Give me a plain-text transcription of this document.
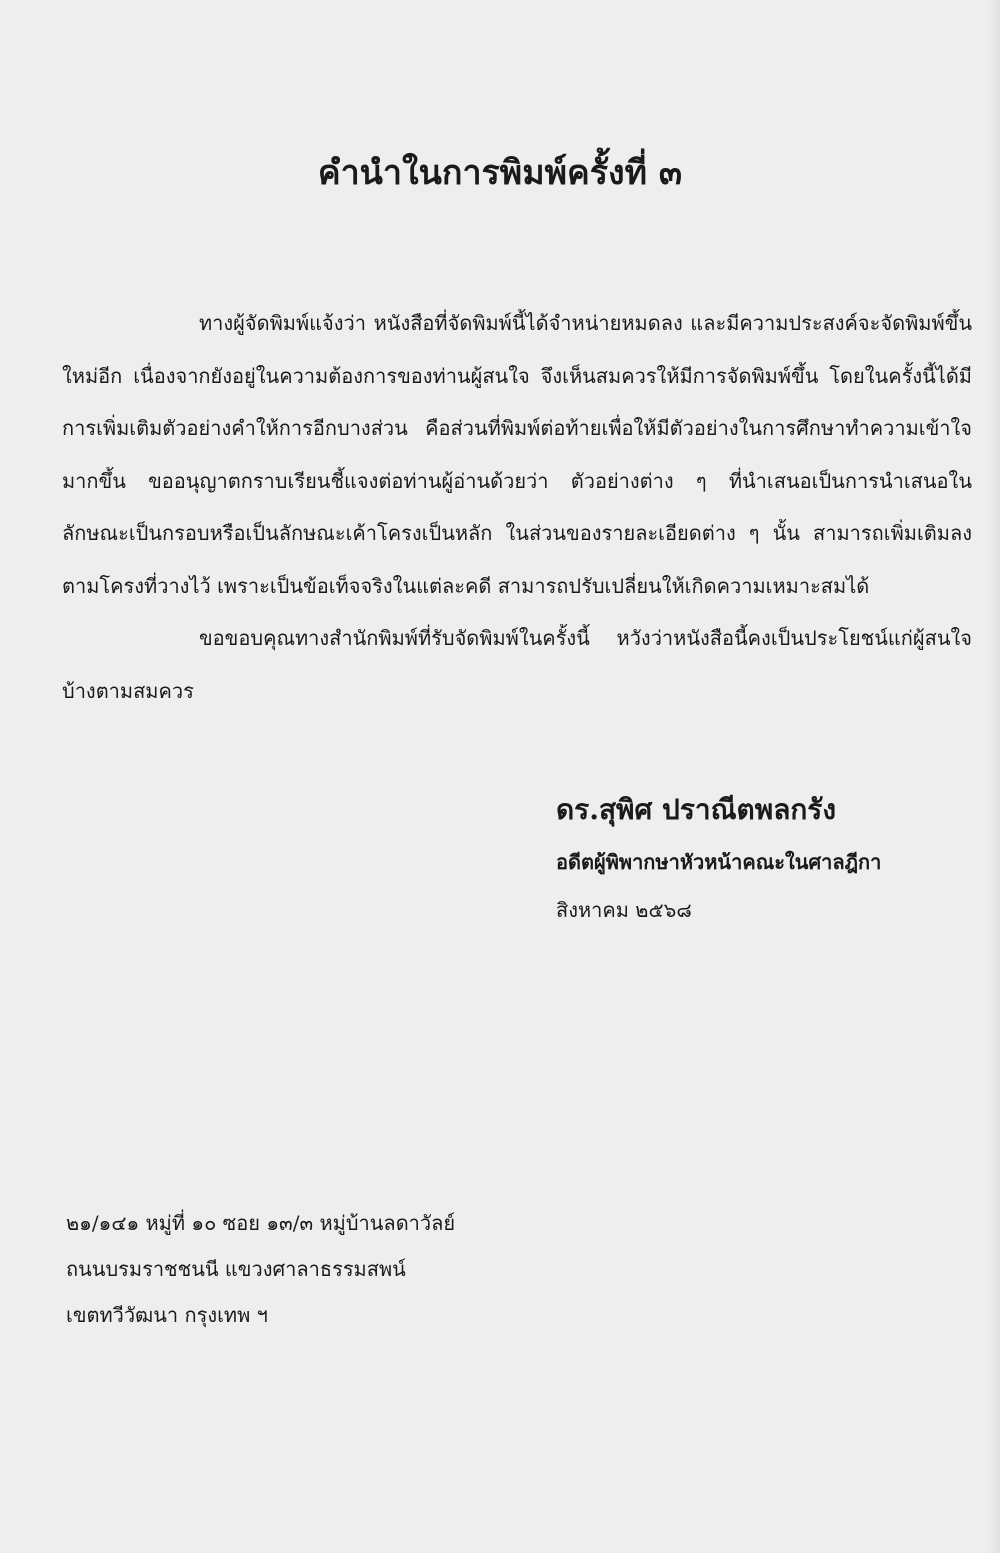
คำนำในการพิมพ์ครั้งที่ ๓

ทางผู้จัดพิมพ์แจ้งว่า หนังสือที่จัดพิมพ์นี้ได้จำหน่ายหมดลง และมีความประสงค์จะจัดพิมพ์ขึ้นใหม่อีก เนื่องจากยังอยู่ในความต้องการของท่านผู้สนใจ จึงเห็นสมควรให้มีการจัดพิมพ์ขึ้น โดยในครั้งนี้ได้มีการเพิ่มเติมตัวอย่างคำให้การอีกบางส่วน คือส่วนที่พิมพ์ต่อท้ายเพื่อให้มีตัวอย่างในการศึกษาทำความเข้าใจมากขึ้น ขออนุญาตกราบเรียนชี้แจงต่อท่านผู้อ่านด้วยว่า ตัวอย่างต่าง ๆ ที่นำเสนอเป็นการนำเสนอในลักษณะเป็นกรอบหรือเป็นลักษณะเค้าโครงเป็นหลัก ในส่วนของรายละเอียดต่าง ๆ นั้น สามารถเพิ่มเติมลงตามโครงที่วางไว้ เพราะเป็นข้อเท็จจริงในแต่ละคดี สามารถปรับเปลี่ยนให้เกิดความเหมาะสมได้

ขอขอบคุณทางสำนักพิมพ์ที่รับจัดพิมพ์ในครั้งนี้ หวังว่าหนังสือนี้คงเป็นประโยชน์แก่ผู้สนใจบ้างตามสมควร

ดร.สุพิศ ปราณีตพลกรัง

อดีตผู้พิพากษาหัวหน้าคณะในศาลฎีกา

สิงหาคม ๒๕๖๘

๒๑/๑๔๑ หมู่ที่ ๑๐ ซอย ๑๓/๓ หมู่บ้านลดาวัลย์

ถนนบรมราชชนนี แขวงศาลาธรรมสพน์

เขตทวีวัฒนา กรุงเทพ ฯ
